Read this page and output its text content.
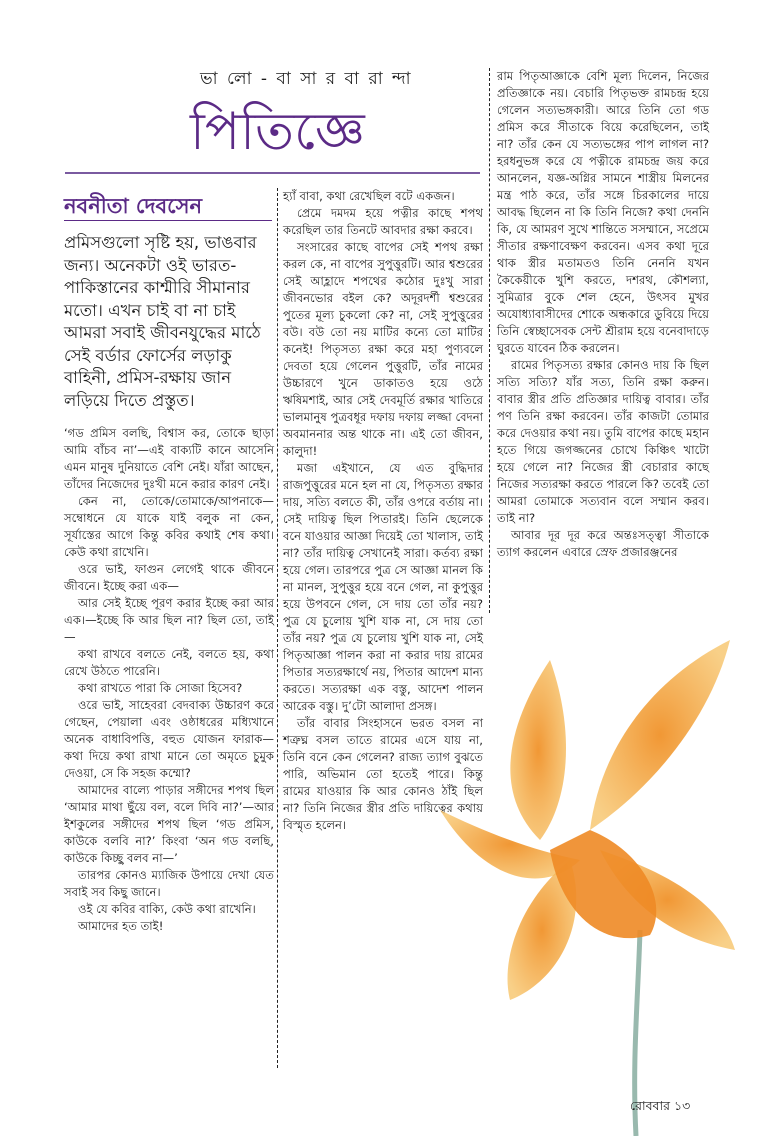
ভা লো - বা সা র বা রা ন্দা
পিতিজ্ঞে
নবনীতা দেবসেন
প্রমিসগুলো সৃষ্টি হয়, ভাঙবার জন্য। অনেকটা ওই ভারত-পাকিস্তানের কাশ্মীরি সীমানার মতো। এখন চাই বা না চাই আমরা সবাই জীবনযুদ্ধের মাঠে সেই বর্ডার ফোর্সের লড়াকু বাহিনী, প্রমিস-রক্ষায় জান লড়িয়ে দিতে প্রস্তুত।

‘গড প্রমিস বলছি, বিশ্বাস কর, তোকে ছাড়া আমি বাঁচব না’—এই বাক্যটি কানে আসেনি এমন মানুষ দুনিয়াতে বেশি নেই। যাঁরা আছেন, তাঁদের নিজেদের দুঃখী মনে করার কারণ নেই।

কেন না, তোকে/তোমাকে/আপনাকে—সম্বোধনে যে যাকে যাই বলুক না কেন, সূর্যাস্তের আগে কিন্তু কবির কথাই শেষ কথা। কেউ কথা রাখেনি।

ওরে ভাই, ফাগুন লেগেই থাকে জীবনে জীবনে। ইচ্ছে করা এক—

আর সেই ইচ্ছে পূরণ করার ইচ্ছে করা আর এক।—ইচ্ছে কি আর ছিল না? ছিল তো, তাই—

কথা রাখবে বলতে নেই, বলতে হয়, কথা রেখে উঠতে পারেনি।

কথা রাখতে পারা কি সোজা হিসেব?

ওরে ভাই, সাহেবরা বেদবাক্য উচ্চারণ করে গেছেন, পেয়ালা এবং ওষ্ঠাধরের মধ্যিখানে অনেক বাধাবিপত্তি, বহুত যোজন ফারাক—কথা দিয়ে কথা রাখা মানে তো অমৃতে চুমুক দেওয়া, সে কি সহজ কম্মো?

আমাদের বাল্যে পাড়ার সঙ্গীদের শপথ ছিল ‘আমার মাথা ছুঁয়ে বল, বলে দিবি না?’—আর ইশকুলের সঙ্গীদের শপথ ছিল ‘গড প্রমিস, কাউকে বলবি না?’ কিংবা ‘অন গড বলছি, কাউকে কিচ্ছু বলব না—’

তারপর কোনও ম্যাজিক উপায়ে দেখা যেত সবাই সব কিছু জানে।

ওই যে কবির বাক্যি, কেউ কথা রাখেনি।

আমাদের হত তাই!

হ্যাঁ বাবা, কথা রেখেছিল বটে একজন।

প্রেমে দমদম হয়ে পত্নীর কাছে শপথ করেছিল তার তিনটে আবদার রক্ষা করবে।

সংসারের কাছে বাপের সেই শপথ রক্ষা করল কে, না বাপের সুপুত্তুরটি। আর শ্বশুরের সেই আহ্লাদে শপথের কঠোর দুঃখু সারা জীবনভোর বইল কে? অদূরদর্শী শ্বশুরের পুতের মূল্য চুকলো কে? না, সেই সুপুত্তুরের বউ। বউ তো নয় মাটির কন্যে তো মাটির কনেই! পিতৃসত্য রক্ষা করে মহা পুণ্যবলে দেবতা হয়ে গেলেন পুত্তুরটি, তাঁর নামের উচ্চারণে খুনে ডাকাতও হয়ে ওঠে ঋষিমশাই, আর সেই দেবমূর্তি রক্ষার খাতিরে ভালমানুষ পুত্রবধূর দফায় দফায় লজ্জা বেদনা অবমাননার অন্ত থাকে না। এই তো জীবন, কালুদা!

মজা এইখানে, যে এত বুদ্ধিদার রাজপুত্তুরের মনে হল না যে, পিতৃসত্য রক্ষার দায়, সত্যি বলতে কী, তাঁর ওপরে বর্তায় না। সেই দায়িত্ব ছিল পিতারই। তিনি ছেলেকে বনে যাওয়ার আজ্ঞা দিয়েই তো খালাস, তাই না? তাঁর দায়িত্ব সেখানেই সারা। কর্তব্য রক্ষা হয়ে গেল। তারপরে পুত্র সে আজ্ঞা মানল কি না মানল, সুপুত্তুর হয়ে বনে গেল, না কুপুত্তুর হয়ে উপবনে গেল, সে দায় তো তাঁর নয়? পুত্র যে চুলোয় খুশি যাক না, সে দায় তো তাঁর নয়? পুত্র যে চুলোয় খুশি যাক না, সেই পিতৃআজ্ঞা পালন করা না করার দায় রামের পিতার সত্যরক্ষার্থে নয়, পিতার আদেশ মান্য করতে। সত্যরক্ষা এক বস্তু, আদেশ পালন আরেক বস্তু। দু’টো আলাদা প্রসঙ্গ।

তাঁর বাবার সিংহাসনে ভরত বসল না শত্রুঘ্ন বসল তাতে রামের এসে যায় না, তিনি বনে কেন গেলেন? রাজ্য ত্যাগ বুঝতে পারি, অভিমান তো হতেই পারে। কিন্তু রামের যাওয়ার কি আর কোনও ঠাঁই ছিল না? তিনি নিজের স্ত্রীর প্রতি দায়িত্বের কথায় বিস্মৃত হলেন।

রাম পিতৃআজ্ঞাকে বেশি মূল্য দিলেন, নিজের প্রতিজ্ঞাকে নয়। বেচারি পিতৃভক্ত রামচন্দ্র হয়ে গেলেন সত্যভঙ্গকারী। আরে তিনি তো গড প্রমিস করে সীতাকে বিয়ে করেছিলেন, তাই না? তাঁর কেন যে সত্যভঙ্গের পাপ লাগল না? হরধনুভঙ্গ করে যে পত্নীকে রামচন্দ্র জয় করে আনলেন, যজ্ঞ-অগ্নির সামনে শাস্ত্রীয় মিলনের মন্ত্র পাঠ করে, তাঁর সঙ্গে চিরকালের দায়ে আবদ্ধ ছিলেন না কি তিনি নিজে? কথা দেননি কি, যে আমরণ সুখে শান্তিতে সসম্মানে, সপ্রেমে সীতার রক্ষণাবেক্ষণ করবেন। এসব কথা দূরে থাক স্ত্রীর মতামতও তিনি নেননি যখন কৈকেয়ীকে খুশি করতে, দশরথ, কৌশল্যা, সুমিত্রার বুকে শেল হেনে, উৎসব মুখর অযোধ্যাবাসীদের শোকে অন্ধকারে ডুবিয়ে দিয়ে তিনি স্বেচ্ছাসেবক সেন্ট শ্রীরাম হয়ে বনেবাদাড়ে ঘুরতে যাবেন ঠিক করলেন।

রামের পিতৃসত্য রক্ষার কোনও দায় কি ছিল সত্যি সত্যি? যাঁর সত্য, তিনি রক্ষা করুন। বাবার স্ত্রীর প্রতি প্রতিজ্ঞার দায়িত্ব বাবার। তাঁর পণ তিনি রক্ষা করবেন। তাঁর কাজটা তোমার করে দেওয়ার কথা নয়। তুমি বাপের কাছে মহান হতে গিয়ে জগজ্জনের চোখে কিঞ্চিৎ খাটো হয়ে গেলে না? নিজের স্ত্রী বেচারার কাছে নিজের সত্যরক্ষা করতে পারলে কি? তবেই তো আমরা তোমাকে সত্যবান বলে সম্মান করব। তাই না?

আবার দূর দূর করে অন্তঃসত্ত্বা সীতাকে ত্যাগ করলেন এবারে স্রেফ প্রজারঞ্জনের

রোববার ১৩
